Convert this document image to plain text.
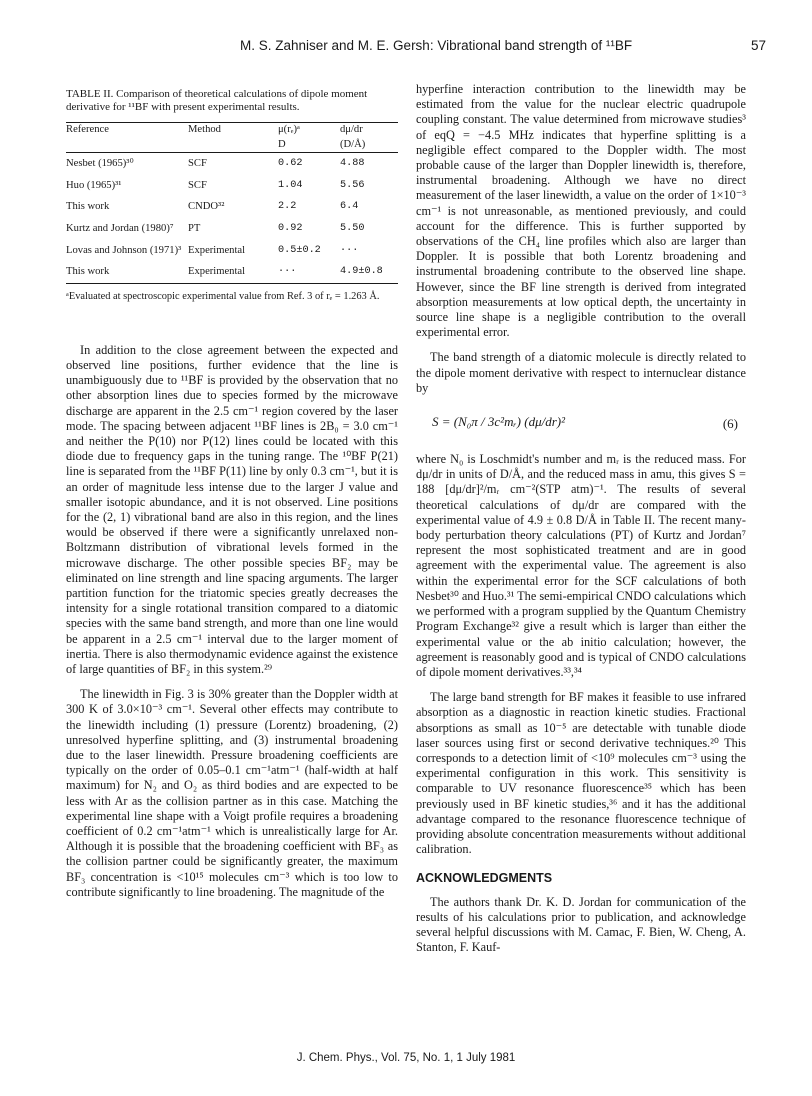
M. S. Zahniser and M. E. Gersh: Vibrational band strength of ¹¹BF	57

TABLE II. Comparison of theoretical calculations of dipole moment derivative for ¹¹BF with present experimental results.

Reference	Method	μ(rₑ)ᵃ	dμ/dr
		D	(D/Å)
Nesbet (1965)³⁰	SCF	0.62	4.88
Huo (1965)³¹	SCF	1.04	5.56
This work	CNDO³²	2.2	6.4
Kurtz and Jordan (1980)⁷	PT	0.92	5.50
Lovas and Johnson (1971)³	Experimental	0.5±0.2	···
This work	Experimental	···	4.9±0.8

ᵃEvaluated at spectroscopic experimental value from Ref. 3 of rₑ = 1.263 Å.

In addition to the close agreement between the expected and observed line positions, further evidence that the line is unambiguously due to ¹¹BF is provided by the observation that no other absorption lines due to species formed by the microwave discharge are apparent in the 2.5 cm⁻¹ region covered by the laser mode. The spacing between adjacent ¹¹BF lines is 2B₀ = 3.0 cm⁻¹ and neither the P(10) nor P(12) lines could be located with this diode due to frequency gaps in the tuning range. The ¹⁰BF P(21) line is separated from the ¹¹BF P(11) line by only 0.3 cm⁻¹, but it is an order of magnitude less intense due to the larger J value and smaller isotopic abundance, and it is not observed. Line positions for the (2, 1) vibrational band are also in this region, and the lines would be observed if there were a significantly unrelaxed non-Boltzmann distribution of vibrational levels formed in the microwave discharge. The other possible species BF₂ may be eliminated on line strength and line spacing arguments. The larger partition function for the triatomic species greatly decreases the intensity for a single rotational transition compared to a diatomic species with the same band strength, and more than one line would be apparent in a 2.5 cm⁻¹ interval due to the larger moment of inertia. There is also thermodynamic evidence against the existence of large quantities of BF₂ in this system.²⁹

The linewidth in Fig. 3 is 30% greater than the Doppler width at 300 K of 3.0×10⁻³ cm⁻¹. Several other effects may contribute to the linewidth including (1) pressure (Lorentz) broadening, (2) unresolved hyperfine splitting, and (3) instrumental broadening due to the laser linewidth. Pressure broadening coefficients are typically on the order of 0.05–0.1 cm⁻¹atm⁻¹ (half-width at half maximum) for N₂ and O₂ as third bodies and are expected to be less with Ar as the collision partner as in this case. Matching the experimental line shape with a Voigt profile requires a broadening coefficient of 0.2 cm⁻¹atm⁻¹ which is unrealistically large for Ar. Although it is possible that the broadening coefficient with BF₃ as the collision partner could be significantly greater, the maximum BF₃ concentration is <10¹⁵ molecules cm⁻³ which is too low to contribute significantly to line broadening. The magnitude of the

hyperfine interaction contribution to the linewidth may be estimated from the value for the nuclear electric quadrupole coupling constant. The value determined from microwave studies³ of eqQ = −4.5 MHz indicates that hyperfine splitting is a negligible effect compared to the Doppler width. The most probable cause of the larger than Doppler linewidth is, therefore, instrumental broadening. Although we have no direct measurement of the laser linewidth, a value on the order of 1×10⁻³ cm⁻¹ is not unreasonable, as mentioned previously, and could account for the difference. This is further supported by observations of the CH₄ line profiles which also are larger than Doppler. It is possible that both Lorentz broadening and instrumental broadening contribute to the observed line shape. However, since the BF line strength is derived from integrated absorption measurements at low optical depth, the uncertainty in source line shape is a negligible contribution to the overall experimental error.

The band strength of a diatomic molecule is directly related to the dipole moment derivative with respect to internuclear distance by

S = (N₀π / 3c²mᵣ) (dμ/dr)²	(6)

where N₀ is Loschmidt's number and mᵣ is the reduced mass. For dμ/dr in units of D/Å, and the reduced mass in amu, this gives S = 188 [dμ/dr]²/mᵣ cm⁻²(STP atm)⁻¹. The results of several theoretical calculations of dμ/dr are compared with the experimental value of 4.9 ± 0.8 D/Å in Table II. The recent many-body perturbation theory calculations (PT) of Kurtz and Jordan⁷ represent the most sophisticated treatment and are in good agreement with the experimental value. The agreement is also within the experimental error for the SCF calculations of both Nesbet³⁰ and Huo.³¹ The semi-empirical CNDO calculations which we performed with a program supplied by the Quantum Chemistry Program Exchange³² give a result which is larger than either the experimental value or the ab initio calculation; however, the agreement is reasonably good and is typical of CNDO calculations of dipole moment derivatives.³³,³⁴

The large band strength for BF makes it feasible to use infrared absorption as a diagnostic in reaction kinetic studies. Fractional absorptions as small as 10⁻⁵ are detectable with tunable diode laser sources using first or second derivative techniques.²⁰ This corresponds to a detection limit of <10⁹ molecules cm⁻³ using the experimental configuration in this work. This sensitivity is comparable to UV resonance fluorescence³⁵ which has been previously used in BF kinetic studies,³⁶ and it has the additional advantage compared to the resonance fluorescence technique of providing absolute concentration measurements without additional calibration.

ACKNOWLEDGMENTS

The authors thank Dr. K. D. Jordan for communication of the results of his calculations prior to publication, and acknowledge several helpful discussions with M. Camac, F. Bien, W. Cheng, A. Stanton, F. Kauf-

J. Chem. Phys., Vol. 75, No. 1, 1 July 1981
